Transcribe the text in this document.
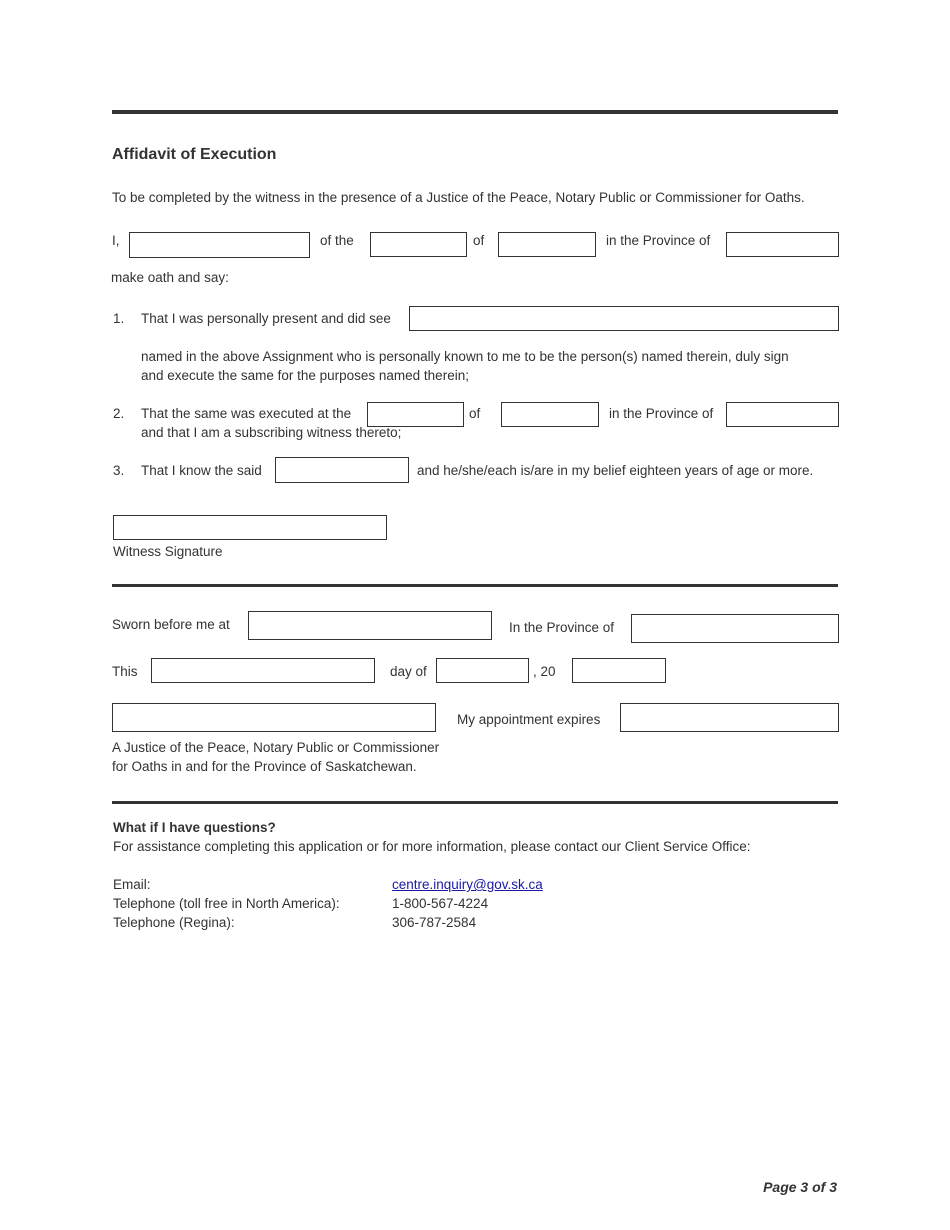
Affidavit of Execution
To be completed by the witness in the presence of a Justice of the Peace, Notary Public or Commissioner for Oaths.
I,	of the	of	in the Province of
make oath and say:
1. That I was personally present and did see
named in the above Assignment who is personally known to me to be the person(s) named therein, duly sign
and execute the same for the purposes named therein;
2. That the same was executed at the	of	in the Province of
and that I am a subscribing witness thereto;
3. That I know the said	and he/she/each is/are in my belief eighteen years of age or more.
Witness Signature
Sworn before me at	In the Province of
This	day of	, 20
My appointment expires
A Justice of the Peace, Notary Public or Commissioner
for Oaths in and for the Province of Saskatchewan.
What if I have questions?
For assistance completing this application or for more information, please contact our Client Service Office:
Email:	centre.inquiry@gov.sk.ca
Telephone (toll free in North America):	1-800-567-4224
Telephone (Regina):	306-787-2584
Page 3 of 3
